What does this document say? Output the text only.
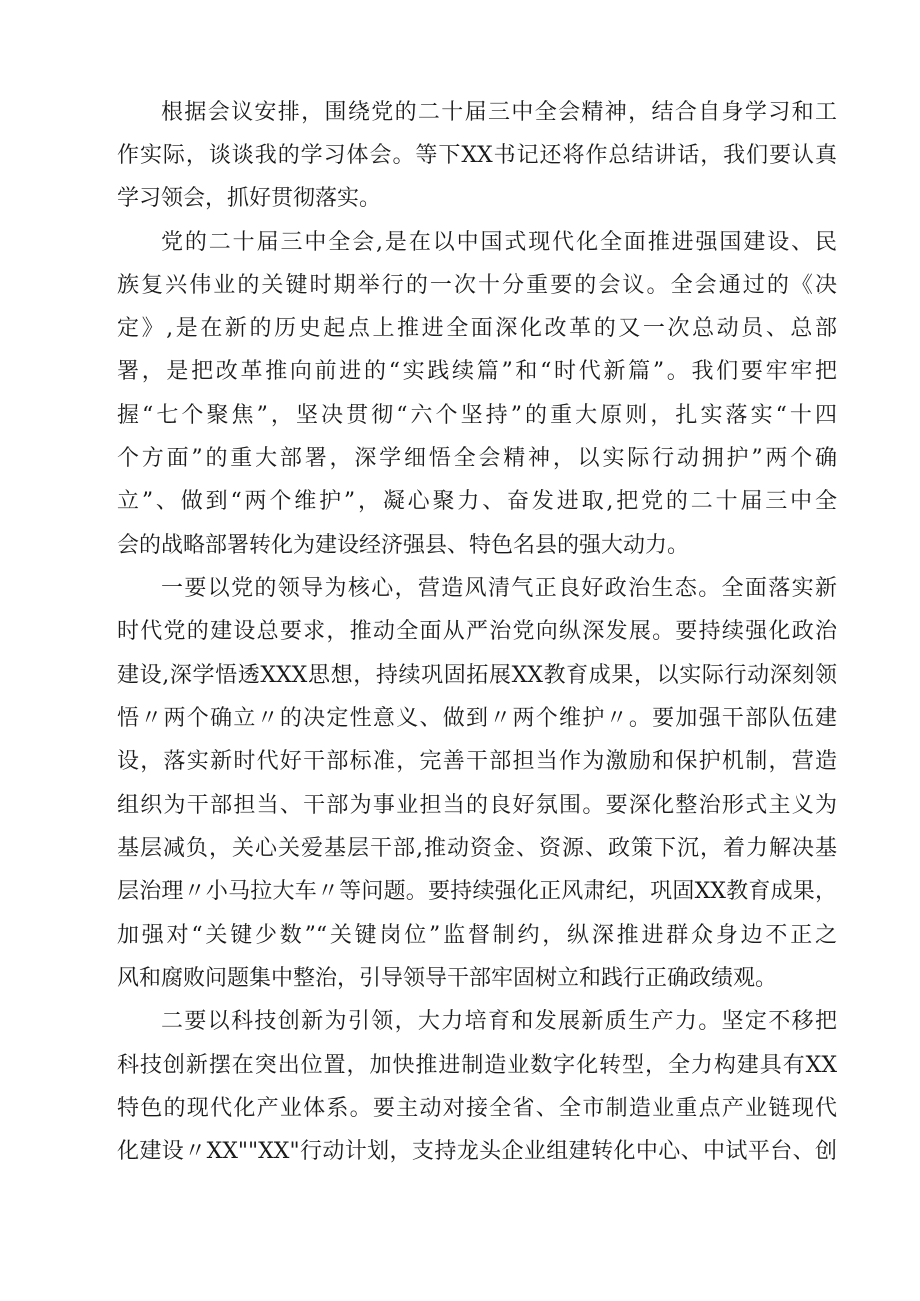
根据会议安排，围绕党的二十届三中全会精神，结合自身学习和工
作实际，谈谈我的学习体会。等下XX书记还将作总结讲话，我们要认真
学习领会，抓好贯彻落实。
党的二十届三中全会,是在以中国式现代化全面推进强国建设、民
族复兴伟业的关键时期举行的一次十分重要的会议。全会通过的《决
定》,是在新的历史起点上推进全面深化改革的又一次总动员、总部
署，是把改革推向前进的“实践续篇”和“时代新篇”。我们要牢牢把
握“七个聚焦”，坚决贯彻“六个坚持”的重大原则，扎实落实“十四
个方面”的重大部署，深学细悟全会精神，以实际行动拥护”两个确
立”、做到“两个维护”，凝心聚力、奋发进取,把党的二十届三中全
会的战略部署转化为建设经济强县、特色名县的强大动力。
一要以党的领导为核心，营造风清气正良好政治生态。全面落实新
时代党的建设总要求，推动全面从严治党向纵深发展。要持续强化政治
建设,深学悟透XXX思想，持续巩固拓展XX教育成果，以实际行动深刻领
悟〃两个确立〃的决定性意义、做到〃两个维护〃。要加强干部队伍建
设，落实新时代好干部标准，完善干部担当作为激励和保护机制，营造
组织为干部担当、干部为事业担当的良好氛围。要深化整治形式主义为
基层减负，关心关爱基层干部,推动资金、资源、政策下沉，着力解决基
层治理〃小马拉大车〃等问题。要持续强化正风肃纪，巩固XX教育成果，
加强对“关键少数”“关键岗位”监督制约，纵深推进群众身边不正之
风和腐败问题集中整治，引导领导干部牢固树立和践行正确政绩观。
二要以科技创新为引领，大力培育和发展新质生产力。坚定不移把
科技创新摆在突出位置，加快推进制造业数字化转型，全力构建具有XX
特色的现代化产业体系。要主动对接全省、全市制造业重点产业链现代
化建设〃XX""XX"行动计划，支持龙头企业组建转化中心、中试平台、创
